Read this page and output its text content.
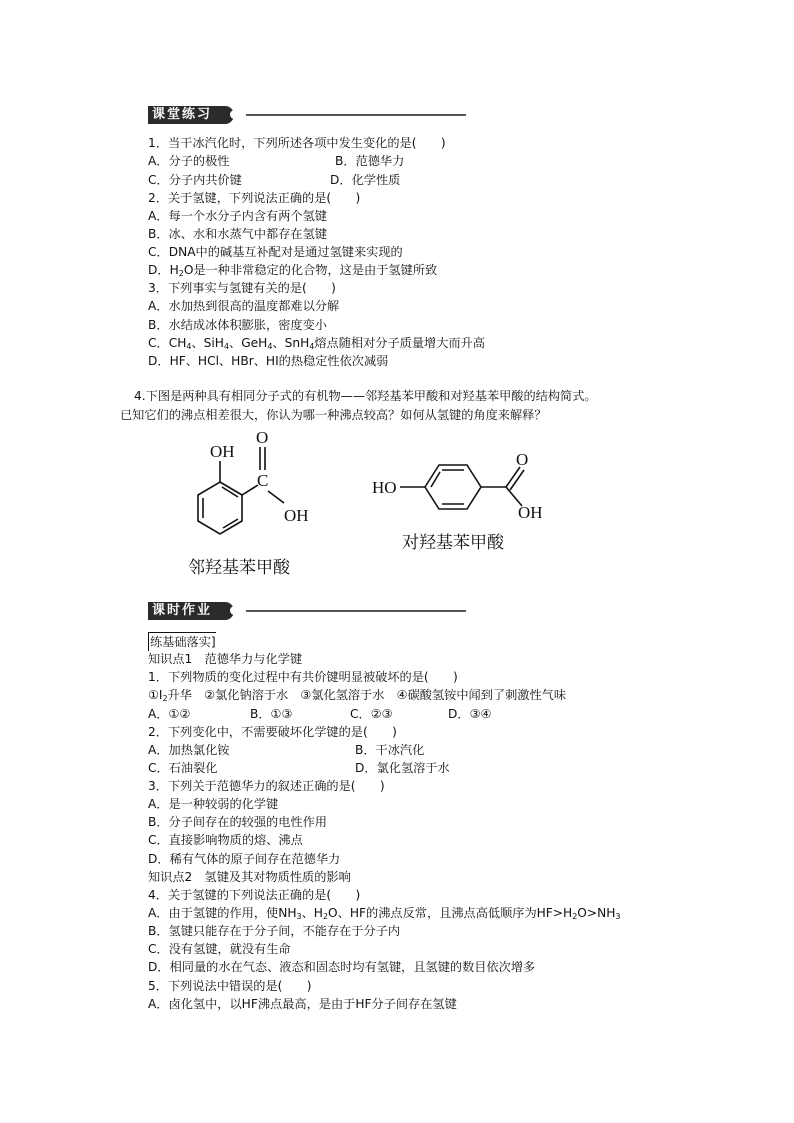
课堂练习
1．当干冰汽化时，下列所述各项中发生变化的是(　　)
A．分子的极性	B．范德华力
C．分子内共价键	D．化学性质
2．关于氢键，下列说法正确的是(　　)
A．每一个水分子内含有两个氢键
B．冰、水和水蒸气中都存在氢键
C．DNA中的碱基互补配对是通过氢键来实现的
D．$H_2O$是一种非常稳定的化合物，这是由于氢键所致
3．下列事实与氢键有关的是(　　)
A．水加热到很高的温度都难以分解
B．水结成冰体积膨胀，密度变小
C．$CH_4$、SiH$_4$、GeH$_4$、SnH$_4$熔点随相对分子质量增大而升高
D．HF、HCl、HBr、HI的热稳定性依次减弱
4.下图是两种具有相同分子式的有机物——邻羟基苯甲酸和对羟基苯甲酸的结构简式。
已知它们的沸点相差很大，你认为哪一种沸点较高？如何从氢键的角度来解释？
OH
O
C
OH
邻羟基苯甲酸
HO
O
OH
对羟基苯甲酸
课时作业
练基础落实]
知识点1　范德华力与化学键
1．下列物质的变化过程中有共价键明显被破坏的是(　　)
$①I_2$升华　②氯化钠溶于水　③氯化氢溶于水　④碳酸氢铵中闻到了刺激性气味
A．①②	B．①③	C．②③	D．③④
2．下列变化中，不需要破坏化学键的是(　　)
A．加热氯化铵	B．干冰汽化
C．石油裂化	D．氯化氢溶于水
3．下列关于范德华力的叙述正确的是(　　)
A．是一种较弱的化学键
B．分子间存在的较强的电性作用
C．直接影响物质的熔、沸点
D．稀有气体的原子间存在范德华力
知识点2　氢键及其对物质性质的影响
4．关于氢键的下列说法正确的是(　　)
A．由于氢键的作用，使$NH_3$、$H_2O$、HF的沸点反常，且沸点高低顺序为$HF>H_2O>NH_3$
B．氢键只能存在于分子间，不能存在于分子内
C．没有氢键，就没有生命
D．相同量的水在气态、液态和固态时均有氢键，且氢键的数目依次增多
5．下列说法中错误的是(　　)
A．卤化氢中，以HF沸点最高，是由于HF分子间存在氢键
